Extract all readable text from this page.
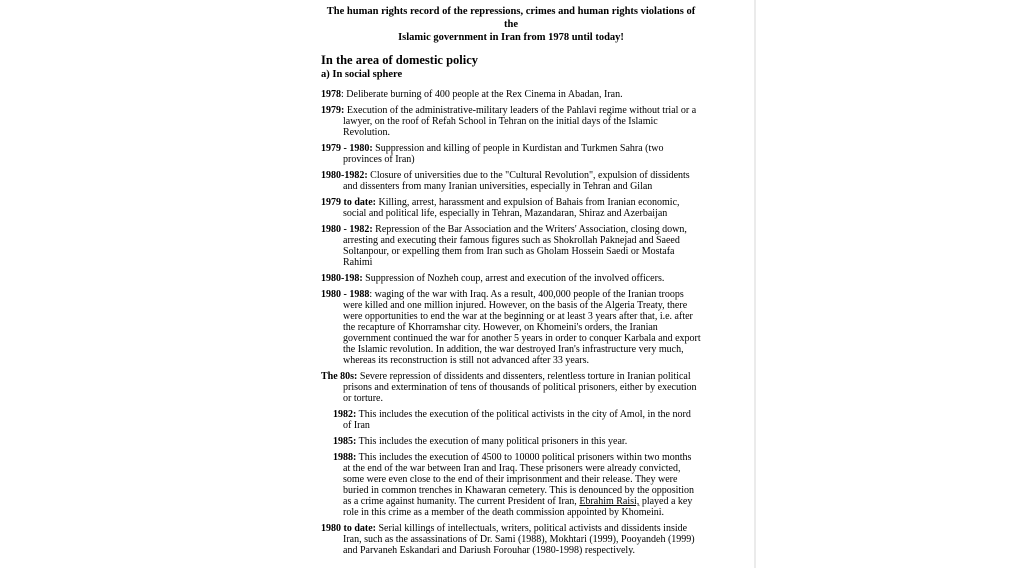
The human rights record of the repressions, crimes and human rights violations of the
Islamic government in Iran from 1978 until today!
In the area of domestic policy
a) In social sphere

1978: Deliberate burning of 400 people at the Rex Cinema in Abadan, Iran.

1979: Execution of the administrative-military leaders of the Pahlavi regime without trial or a lawyer, on the roof of Refah School in Tehran on the initial days of the Islamic Revolution.

1979 - 1980: Suppression and killing of people in Kurdistan and Turkmen Sahra (two provinces of Iran)

1980-1982: Closure of universities due to the "Cultural Revolution", expulsion of dissidents and dissenters from many Iranian universities, especially in Tehran and Gilan

1979 to date: Killing, arrest, harassment and expulsion of Bahais from Iranian economic, social and political life, especially in Tehran, Mazandaran, Shiraz and Azerbaijan

1980 - 1982: Repression of the Bar Association and the Writers' Association, closing down, arresting and executing their famous figures such as Shokrollah Paknejad and Saeed Soltanpour, or expelling them from Iran such as Gholam Hossein Saedi or Mostafa Rahimi

1980-198: Suppression of Nozheh coup, arrest and execution of the involved officers.

1980 - 1988: waging of the war with Iraq. As a result, 400,000 people of the Iranian troops were killed and one million injured. However, on the basis of the Algeria Treaty, there were opportunities to end the war at the beginning or at least 3 years after that, i.e. after the recapture of Khorramshar city. However, on Khomeini's orders, the Iranian government continued the war for another 5 years in order to conquer Karbala and export the Islamic revolution. In addition, the war destroyed Iran's infrastructure very much, whereas its reconstruction is still not advanced after 33 years.

The 80s: Severe repression of dissidents and dissenters, relentless torture in Iranian political prisons and extermination of tens of thousands of political prisoners, either by execution or torture.

1982: This includes the execution of the political activists in the city of Amol, in the nord of Iran

1985: This includes the execution of many political prisoners in this year.

1988: This includes the execution of 4500 to 10000 political prisoners within two months at the end of the war between Iran and Iraq. These prisoners were already convicted, some were even close to the end of their imprisonment and their release. They were buried in common trenches in Khawaran cemetery. This is denounced by the opposition as a crime against humanity. The current President of Iran, Ebrahim Raisi, played a key role in this crime as a member of the death commission appointed by Khomeini.

1980 to date: Serial killings of intellectuals, writers, political activists and dissidents inside Iran, such as the assassinations of Dr. Sami (1988), Mokhtari (1999), Pooyandeh (1999) and Parvaneh Eskandari and Dariush Forouhar (1980-1998) respectively.
